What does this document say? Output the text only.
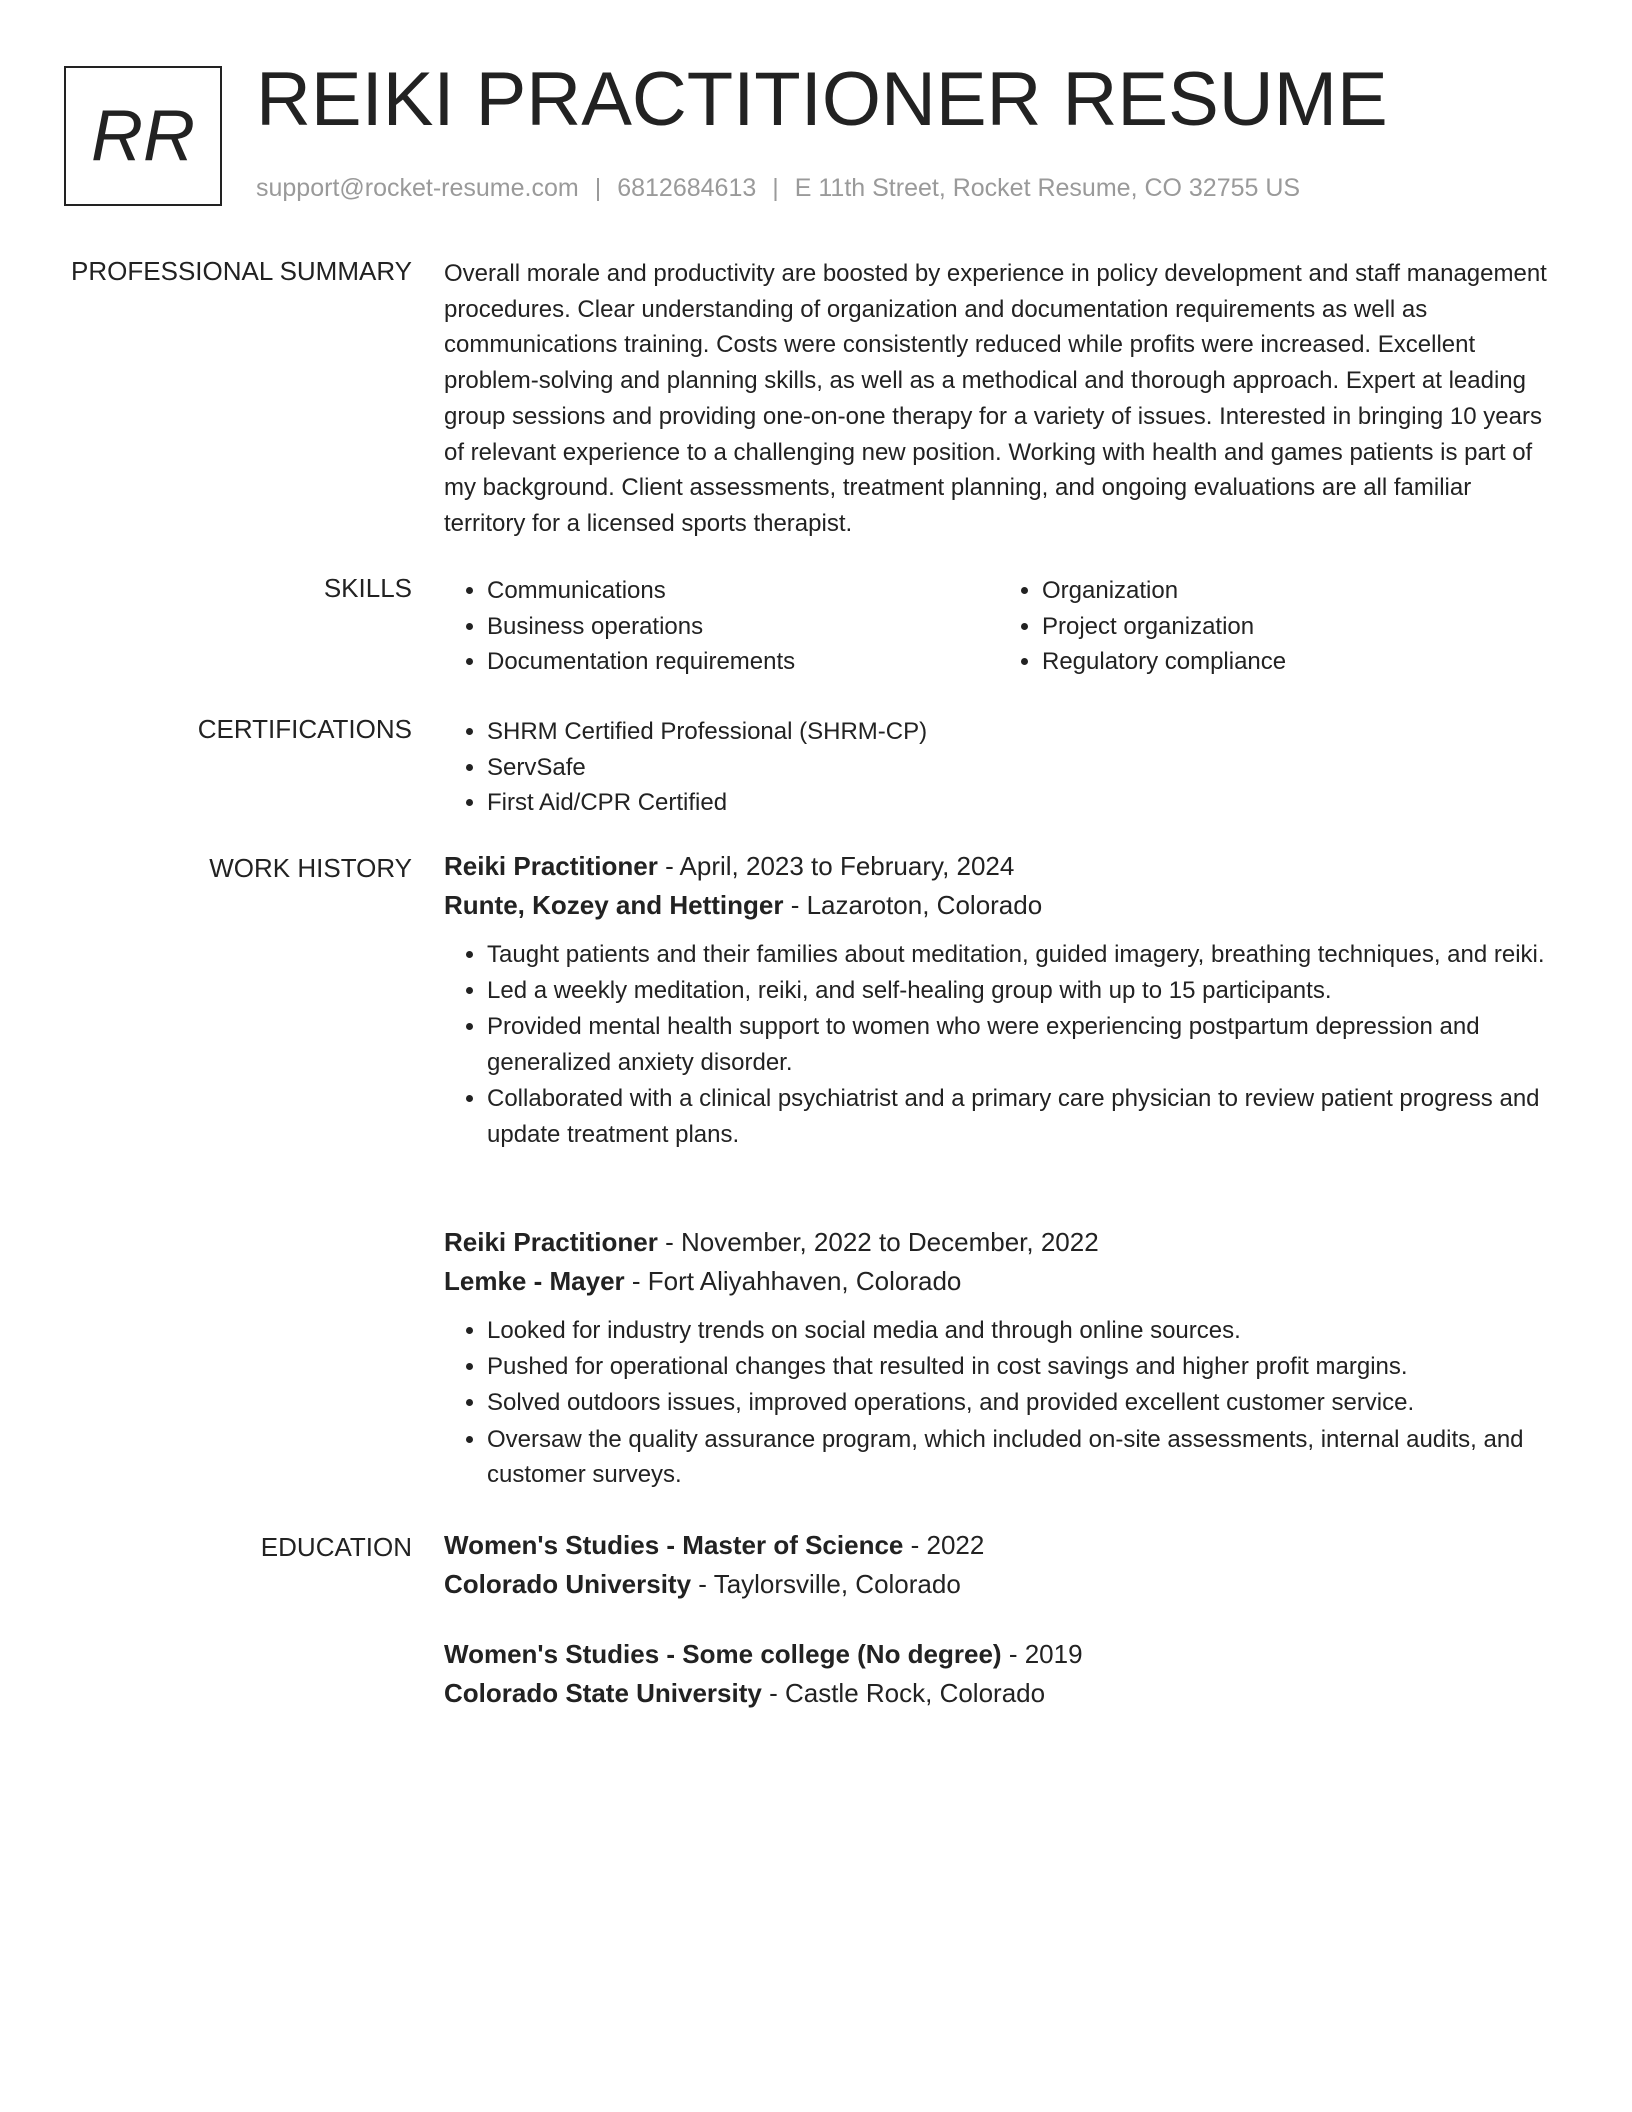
RR REIKI PRACTITIONER RESUME
support@rocket-resume.com | 6812684613 | E 11th Street, Rocket Resume, CO 32755 US
PROFESSIONAL SUMMARY Overall morale and productivity are boosted by experience in policy development and staff management procedures. Clear understanding of organization and documentation requirements as well as communications training. Costs were consistently reduced while profits were increased. Excellent problem-solving and planning skills, as well as a methodical and thorough approach. Expert at leading group sessions and providing one-on-one therapy for a variety of issues. Interested in bringing 10 years of relevant experience to a challenging new position. Working with health and games patients is part of my background. Client assessments, treatment planning, and ongoing evaluations are all familiar territory for a licensed sports therapist.
SKILLS	• Communications
• Business operations
• Documentation requirements
• Organization
• Project organization
• Regulatory compliance
CERTIFICATIONS	• SHRM Certified Professional (SHRM-CP)
• ServSafe
• First Aid/CPR Certified
WORK HISTORY Reiki Practitioner - April, 2023 to February, 2024
Runte, Kozey and Hettinger - Lazaroton, Colorado
• Taught patients and their families about meditation, guided imagery, breathing techniques, and reiki.
• Led a weekly meditation, reiki, and self-healing group with up to 15 participants.
• Provided mental health support to women who were experiencing postpartum depression and generalized anxiety disorder.
• Collaborated with a clinical psychiatrist and a primary care physician to review patient progress and update treatment plans.
Reiki Practitioner - November, 2022 to December, 2022
Lemke - Mayer - Fort Aliyahhaven, Colorado
• Looked for industry trends on social media and through online sources.
• Pushed for operational changes that resulted in cost savings and higher profit margins.
• Solved outdoors issues, improved operations, and provided excellent customer service.
• Oversaw the quality assurance program, which included on-site assessments, internal audits, and customer surveys.
EDUCATION Women's Studies - Master of Science - 2022
Colorado University - Taylorsville, Colorado
Women's Studies - Some college (No degree) - 2019
Colorado State University - Castle Rock, Colorado
